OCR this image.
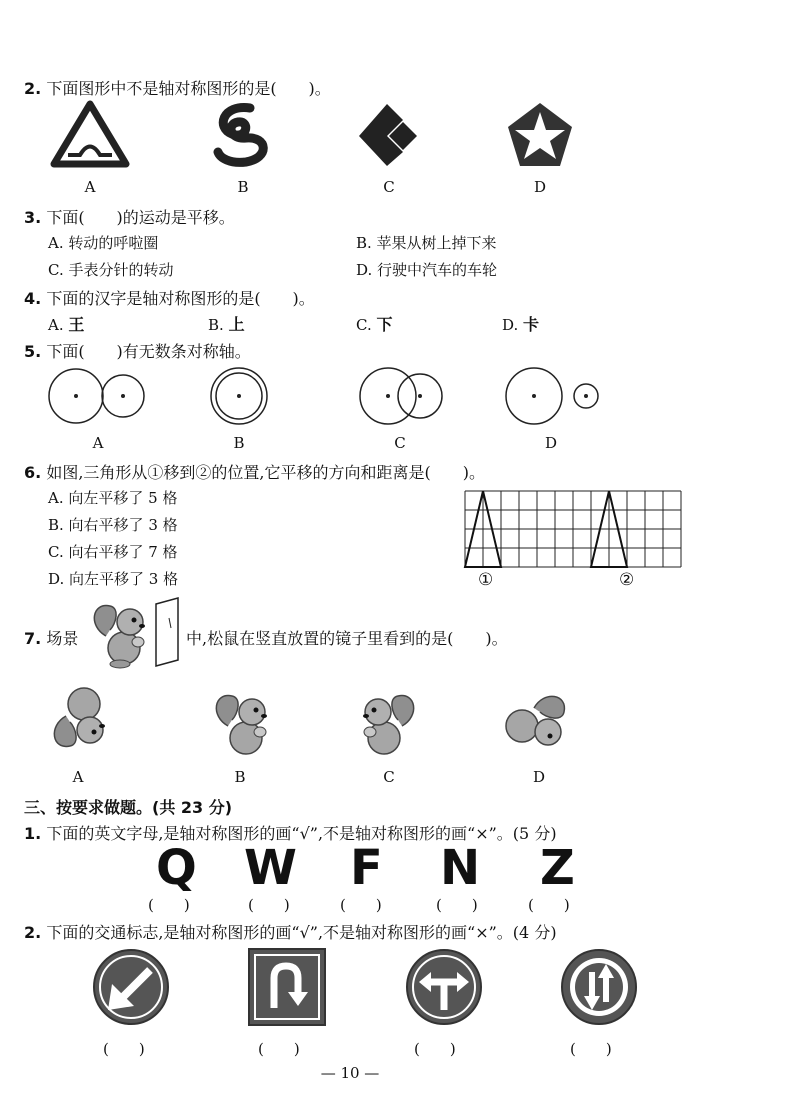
2. 下面图形中不是轴对称图形的是(　　)。
A	B	C	D
3. 下面(　　)的运动是平移。
A. 转动的呼啦圈	B. 苹果从树上掉下来
C. 手表分针的转动	D. 行驶中汽车的车轮
4. 下面的汉字是轴对称图形的是(　　)。
A. 王	B. 上	C. 下	D. 卡
5. 下面(　　)有无数条对称轴。
A	B	C	D
6. 如图,三角形从①移到②的位置,它平移的方向和距离是(　　)。
A. 向左平移了 5 格
B. 向右平移了 3 格
C. 向右平移了 7 格
D. 向左平移了 3 格	①	②
7. 场景	中,松鼠在竖直放置的镜子里看到的是(　　)。
A	B	C	D
三、按要求做题。(共 23 分)
1. 下面的英文字母,是轴对称图形的画“√”,不是轴对称图形的画“×”。(5 分)
Q W F N Z
(　　)	(　　)	(　　)	(　　)	(　　)
2. 下面的交通标志,是轴对称图形的画“√”,不是轴对称图形的画“×”。(4 分)
(　　)	(　　)	(　　)	(　　)
— 10 —
